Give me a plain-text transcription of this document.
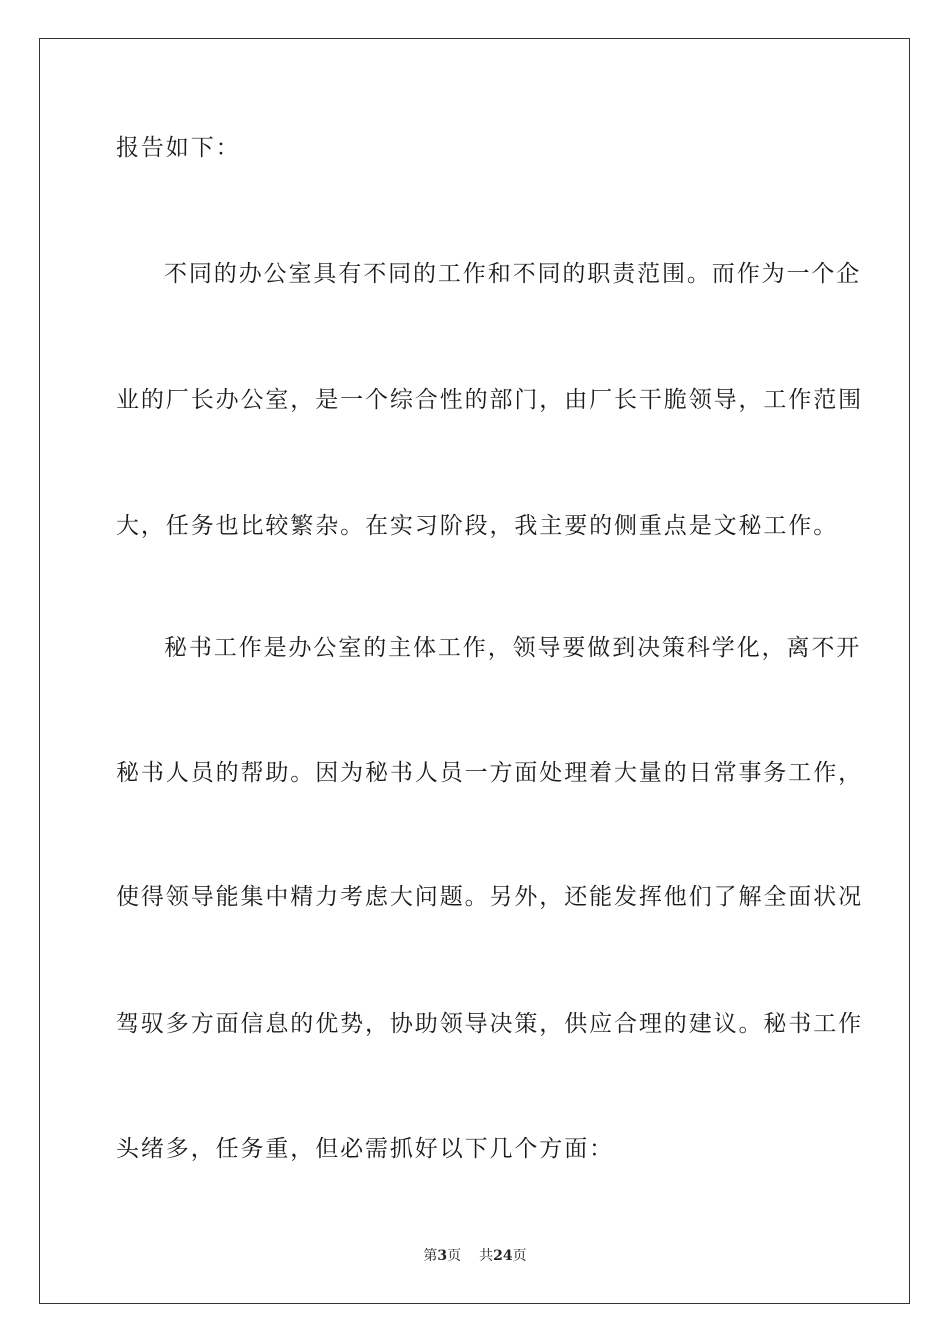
报告如下：
不同的办公室具有不同的工作和不同的职责范围。而作为一个企
业的厂长办公室，是一个综合性的部门，由厂长干脆领导，工作范围
大，任务也比较繁杂。在实习阶段，我主要的侧重点是文秘工作。
秘书工作是办公室的主体工作，领导要做到决策科学化，离不开
秘书人员的帮助。因为秘书人员一方面处理着大量的日常事务工作，
使得领导能集中精力考虑大问题。另外，还能发挥他们了解全面状况
驾驭多方面信息的优势，协助领导决策，供应合理的建议。秘书工作
头绪多，任务重，但必需抓好以下几个方面：
第3页 共24页
